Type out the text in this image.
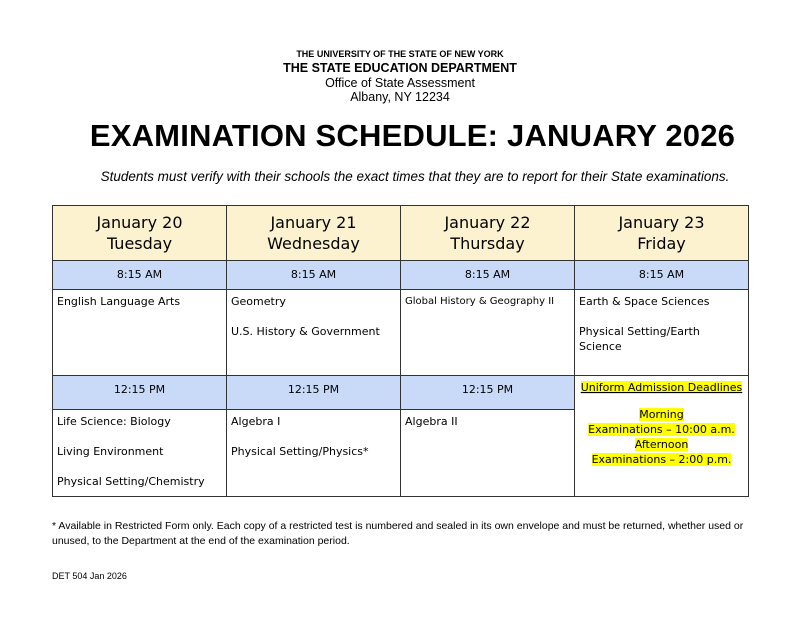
THE UNIVERSITY OF THE STATE OF NEW YORK
THE STATE EDUCATION DEPARTMENT
Office of State Assessment
Albany, NY 12234
EXAMINATION SCHEDULE: JANUARY 2026
Students must verify with their schools the exact times that they are to report for their State examinations.
January 20
Tuesday
8:15 AM
English Language Arts
12:15 PM
Life Science: Biology
Living Environment
Physical Setting/Chemistry
January 21
Wednesday
8:15 AM
Geometry
U.S. History & Government
12:15 PM
Algebra I
Physical Setting/Physics*
January 22
Thursday
8:15 AM
Global History & Geography II
12:15 PM
Algebra II
January 23
Friday
8:15 AM
Earth & Space Sciences
Physical Setting/Earth Science
Uniform Admission Deadlines
Morning
Examinations – 10:00 a.m.
Afternoon
Examinations – 2:00 p.m.
* Available in Restricted Form only. Each copy of a restricted test is numbered and sealed in its own envelope and must be returned, whether used or unused, to the Department at the end of the examination period.
DET 504 Jan 2026
